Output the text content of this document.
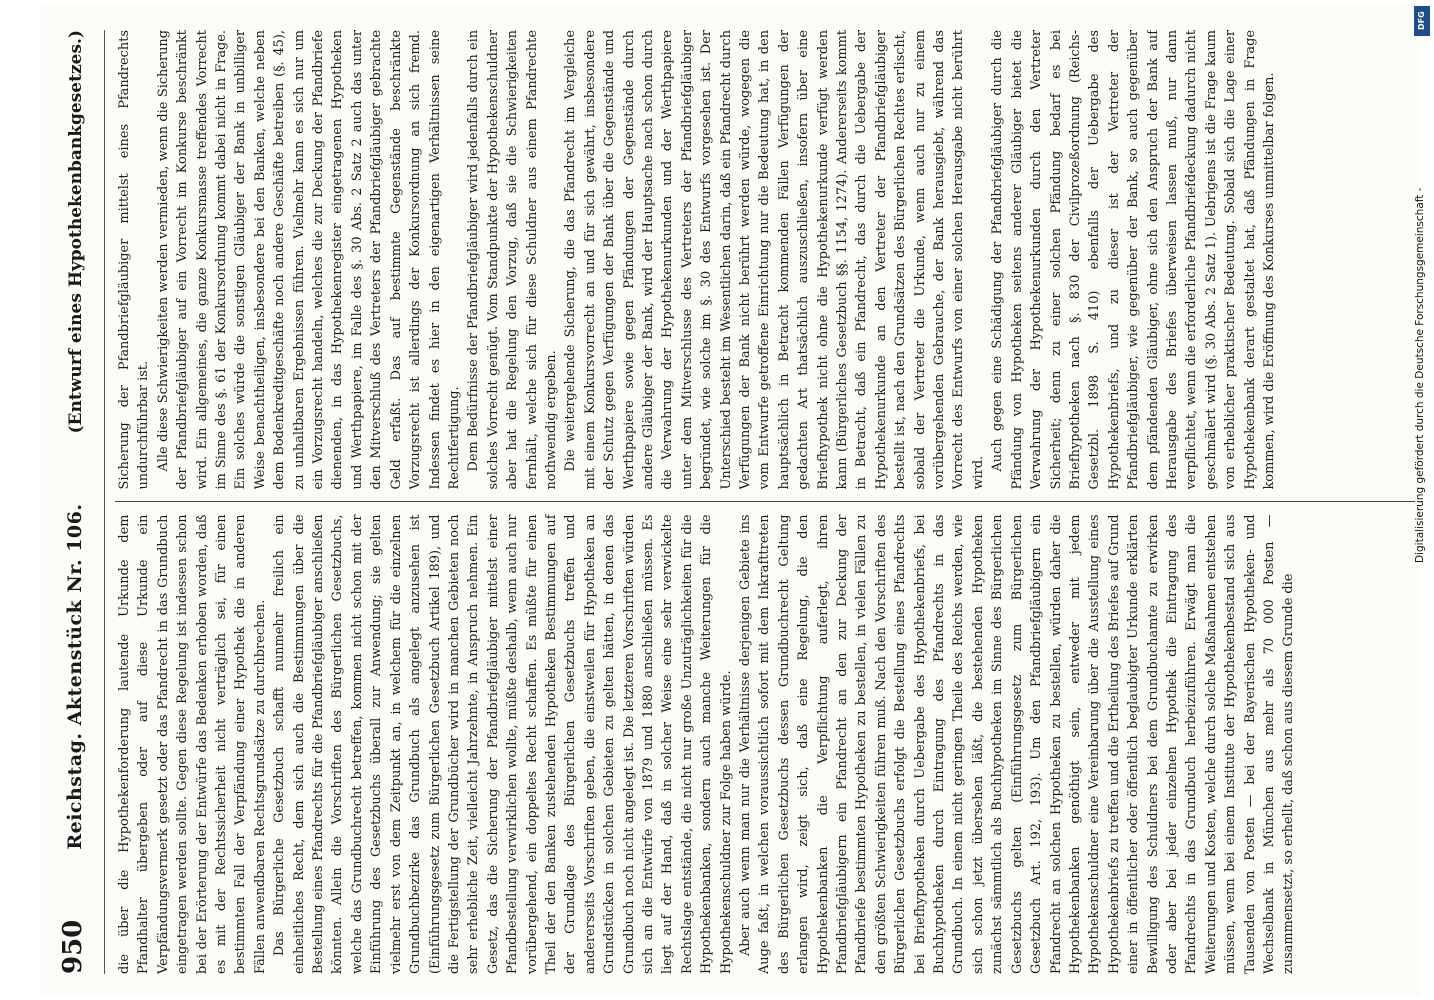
950
Reichstag. Aktenstück Nr. 106.
(Entwurf eines Hypothekenbankgesetzes.)

die über die Hypothekenforderung lautende Urkunde dem Pfandhalter übergeben oder auf diese Urkunde ein Verpfändungsvermerk gesetzt oder das Pfandrecht in das Grundbuch eingetragen werden sollte. Gegen diese Regelung ist indessen schon bei der Erörterung der Entwürfe das Bedenken erhoben worden, daß es mit der Rechtssicherheit nicht verträglich sei, für einen bestimmten Fall der Verpfändung einer Hypothek die in anderen Fällen anwendbaren Rechtsgrundsätze zu durchbrechen. Das Bürgerliche Gesetzbuch schafft nunmehr freilich ein einheitliches Recht, dem sich auch die Bestimmungen über die Bestellung eines Pfandrechts für die Pfandbriefgläubiger anschließen könnten. Allein die Vorschriften des Bürgerlichen Gesetzbuchs, welche das Grundbuchrecht betreffen, kommen nicht schon mit der Einführung des Gesetzbuchs überall zur Anwendung; sie gelten vielmehr erst von dem Zeitpunkt an, in welchem für die einzelnen Grundbuchbezirke das Grundbuch als angelegt anzusehen ist (Einführungsgesetz zum Bürgerlichen Gesetzbuch Artikel 189), und die Fertigstellung der Grundbücher wird in manchen Gebieten noch sehr erhebliche Zeit, vielleicht Jahrzehnte, in Anspruch nehmen. Ein Gesetz, das die Sicherung der Pfandbriefgläubiger mittelst einer Pfandbestellung verwirklichen wollte, müßte deshalb, wenn auch nur vorübergehend, ein doppeltes Recht schaffen. Es müßte für einen Theil der den Banken zustehenden Hypotheken Bestimmungen auf der Grundlage des Bürgerlichen Gesetzbuchs treffen und andererseits Vorschriften geben, die einstweilen für Hypotheken an Grundstücken in solchen Gebieten zu gelten hätten, in denen das Grundbuch noch nicht angelegt ist. Die letzteren Vorschriften würden sich an die Entwürfe von 1879 und 1880 anschließen müssen. Es liegt auf der Hand, daß in solcher Weise eine sehr verwickelte Rechtslage entstände, die nicht nur große Unzuträglichkeiten für die Hypothekenbanken, sondern auch manche Weiterungen für die Hypothekenschuldner zur Folge haben würde. Aber auch wenn man nur die Verhältnisse derjenigen Gebiete ins Auge faßt, in welchen voraussichtlich sofort mit dem Inkrafttreten des Bürgerlichen Gesetzbuchs dessen Grundbuchrecht Geltung erlangen wird, zeigt sich, daß eine Regelung, die den Hypothekenbanken die Verpflichtung auferlegt, ihren Pfandbriefgläubigern ein Pfandrecht an den zur Deckung der Pfandbriefe bestimmten Hypotheken zu bestellen, in vielen Fällen zu den größten Schwierigkeiten führen muß. Nach den Vorschriften des Bürgerlichen Gesetzbuchs erfolgt die Bestellung eines Pfandrechts bei Briefhypotheken durch Uebergabe des Hypothekenbriefs, bei Buchhypotheken durch Eintragung des Pfandrechts in das Grundbuch. In einem nicht geringen Theile des Reichs werden, wie sich schon jetzt übersehen läßt, die bestehenden Hypotheken zunächst sämmtlich als Buchhypotheken im Sinne des Bürgerlichen Gesetzbuchs gelten (Einführungsgesetz zum Bürgerlichen Gesetzbuch Art. 192, 193). Um den Pfandbriefgläubigern ein Pfandrecht an solchen Hypotheken zu bestellen, würden daher die Hypothekenbanken genöthigt sein, entweder mit jedem Hypothekenschuldner eine Vereinbarung über die Ausstellung eines Hypothekenbriefs zu treffen und die Ertheilung des Briefes auf Grund einer in öffentlicher oder öffentlich beglaubigter Urkunde erklärten Bewilligung des Schuldners bei dem Grundbuchamte zu erwirken oder aber bei jeder einzelnen Hypothek die Eintragung des Pfandrechts in das Grundbuch herbeizuführen. Erwägt man die Weiterungen und Kosten, welche durch solche Maßnahmen entstehen müssen, wenn bei einem Institute der Hypothekenbestand sich aus Tausenden von Posten — bei der Bayerischen Hypotheken- und Wechselbank in München aus mehr als 70 000 Posten — zusammensetzt, so erhellt, daß schon aus diesem Grunde die

Sicherung der Pfandbriefgläubiger mittelst eines Pfandrechts undurchführbar ist. Alle diese Schwierigkeiten werden vermieden, wenn die Sicherung der Pfandbriefgläubiger auf ein Vorrecht im Konkurse beschränkt wird. Ein allgemeines, die ganze Konkursmasse treffendes Vorrecht im Sinne des §. 61 der Konkursordnung kommt dabei nicht in Frage. Ein solches würde die sonstigen Gläubiger der Bank in unbilliger Weise benachtheiligen, insbesondere bei den Banken, welche neben dem Bodenkreditgeschäfte noch andere Geschäfte betreiben (§. 45), zu unhaltbaren Ergebnissen führen. Vielmehr kann es sich nur um ein Vorzugsrecht handeln, welches die zur Deckung der Pfandbriefe dienenden, in das Hypothekenregister eingetragenen Hypotheken und Werthpapiere, im Falle des §. 30 Abs. 2 Satz 2 auch das unter den Mitverschluß des Vertreters der Pfandbriefgläubiger gebrachte Geld erfaßt. Das auf bestimmte Gegenstände beschränkte Vorzugsrecht ist allerdings der Konkursordnung an sich fremd. Indessen findet es hier in den eigenartigen Verhältnissen seine Rechtfertigung. Dem Bedürfnisse der Pfandbriefgläubiger wird jedenfalls durch ein solches Vorrecht genügt. Vom Standpunkte der Hypothekenschuldner aber hat die Regelung den Vorzug, daß sie die Schwierigkeiten fernhält, welche sich für diese Schuldner aus einem Pfandrechte nothwendig ergeben. Die weitergehende Sicherung, die das Pfandrecht im Vergleiche mit einem Konkursvorrecht an und für sich gewährt, insbesondere der Schutz gegen Verfügungen der Bank über die Gegenstände und Werthpapiere sowie gegen Pfändungen der Gegenstände durch andere Gläubiger der Bank, wird der Hauptsache nach schon durch die Verwahrung der Hypothekenurkunden und der Werthpapiere unter dem Mitverschlusse des Vertreters der Pfandbriefgläubiger begründet, wie solche im §. 30 des Entwurfs vorgesehen ist. Der Unterschied besteht im Wesentlichen darin, daß ein Pfandrecht durch Verfügungen der Bank nicht berührt werden würde, wogegen die vom Entwurfe getroffene Einrichtung nur die Bedeutung hat, in den hauptsächlich in Betracht kommenden Fällen Verfügungen der gedachten Art thatsächlich auszuschließen, insofern über eine Briefhypothek nicht ohne die Hypothekenurkunde verfügt werden kann (Bürgerliches Gesetzbuch §§. 1154, 1274). Andererseits kommt in Betracht, daß ein Pfandrecht, das durch die Uebergabe der Hypothekenurkunde an den Vertreter der Pfandbriefgläubiger bestellt ist, nach den Grundsätzen des Bürgerlichen Rechtes erlischt, sobald der Vertreter die Urkunde, wenn auch nur zu einem vorübergehenden Gebrauche, der Bank herausgiebt, während das Vorrecht des Entwurfs von einer solchen Herausgabe nicht berührt wird.

Auch gegen eine Schädigung der Pfandbriefgläubiger durch die Pfändung von Hypotheken seitens anderer Gläubiger bietet die Verwahrung der Hypothekenurkunden durch den Vertreter Sicherheit; denn zu einer solchen Pfändung bedarf es bei Briefhypotheken nach §. 830 der Civilprozeßordnung (Reichs-Gesetzbl. 1898 S. 410) ebenfalls der Uebergabe des Hypothekenbriefs, und zu dieser ist der Vertreter der Pfandbriefgläubiger, wie gegenüber der Bank, so auch gegenüber dem pfändenden Gläubiger, ohne sich den Anspruch der Bank auf Herausgabe des Briefes überweisen lassen muß, nur dann verpflichtet, wenn die erforderliche Pfandbriefdeckung dadurch nicht geschmälert wird (§. 30 Abs. 2 Satz 1). Uebrigens ist die Frage kaum von erheblicher praktischer Bedeutung. Sobald sich die Lage einer Hypothekenbank derart gestaltet hat, daß Pfändungen in Frage kommen, wird die Eröffnung des Konkurses unmittelbar folgen.	Digitalisierung gefördert durch die Deutsche Forschungsgemeinschaft -
DFG
